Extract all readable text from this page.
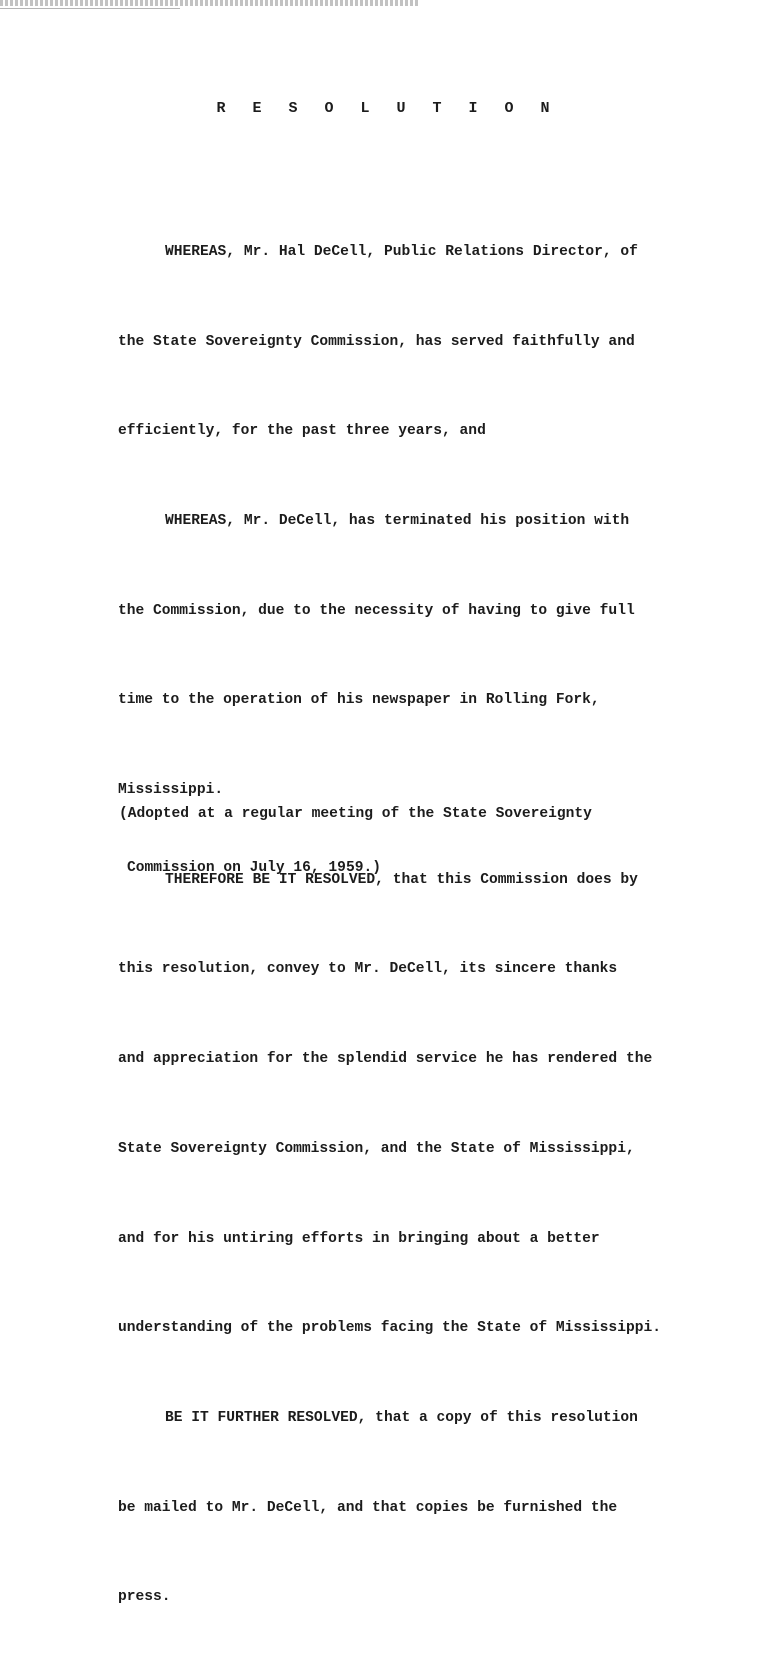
R E S O L U T I O N

WHEREAS, Mr. Hal DeCell, Public Relations Director, of

the State Sovereignty Commission, has served faithfully and

efficiently, for the past three years, and

WHEREAS, Mr. DeCell, has terminated his position with

the Commission, due to the necessity of having to give full

time to the operation of his newspaper in Rolling Fork,

Mississippi.

THEREFORE BE IT RESOLVED, that this Commission does by

this resolution, convey to Mr. DeCell, its sincere thanks

and appreciation for the splendid service he has rendered the

State Sovereignty Commission, and the State of Mississippi,

and for his untiring efforts in bringing about a better

understanding of the problems facing the State of Mississippi.

BE IT FURTHER RESOLVED, that a copy of this resolution

be mailed to Mr. DeCell, and that copies be furnished the

press.

(Adopted at a regular meeting of the State Sovereignty

Commission on July 16, 1959.)
